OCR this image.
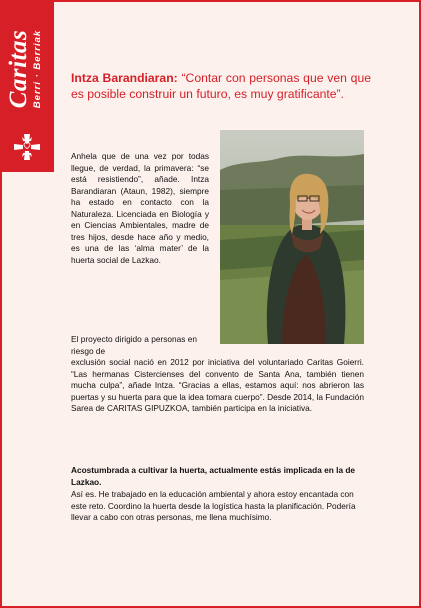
Caritas Berri · Berriak Intza Barandiaran: “Contar con personas que ven que es posible construir un futuro, es muy gratificante”.

Anhela que de una vez por todas llegue, de verdad, la primavera: “se está resistiendo”, añade. Intza Barandiaran (Ataun, 1982), siempre ha estado en contacto con la Naturaleza. Licenciada en Biología y en Ciencias Ambientales, madre de tres hijos, desde hace año y medio, es una de las ‘alma mater’ de la huerta social de Lazkao.

El proyecto dirigido a personas en riesgo de

exclusión social nació en 2012 por iniciativa del voluntariado Caritas Goierri. “Las hermanas Cistercienses del convento de Santa Ana, también tienen mucha culpa”, añade Intza. “Gracias a ellas, estamos aquí: nos abrieron las puertas y su huerta para que la idea tomara cuerpo”. Desde 2014, la Fundación Sarea de CARITAS GIPUZKOA, también participa en la iniciativa.

Acostumbrada a cultivar la huerta, actualmente estás implicada en la de Lazkao.

Así es. He trabajado en la educación ambiental y ahora estoy encantada con este reto. Coordino la huerta desde la logística hasta la planificación. Podería llevar a cabo con otras personas, me llena muchísimo.
